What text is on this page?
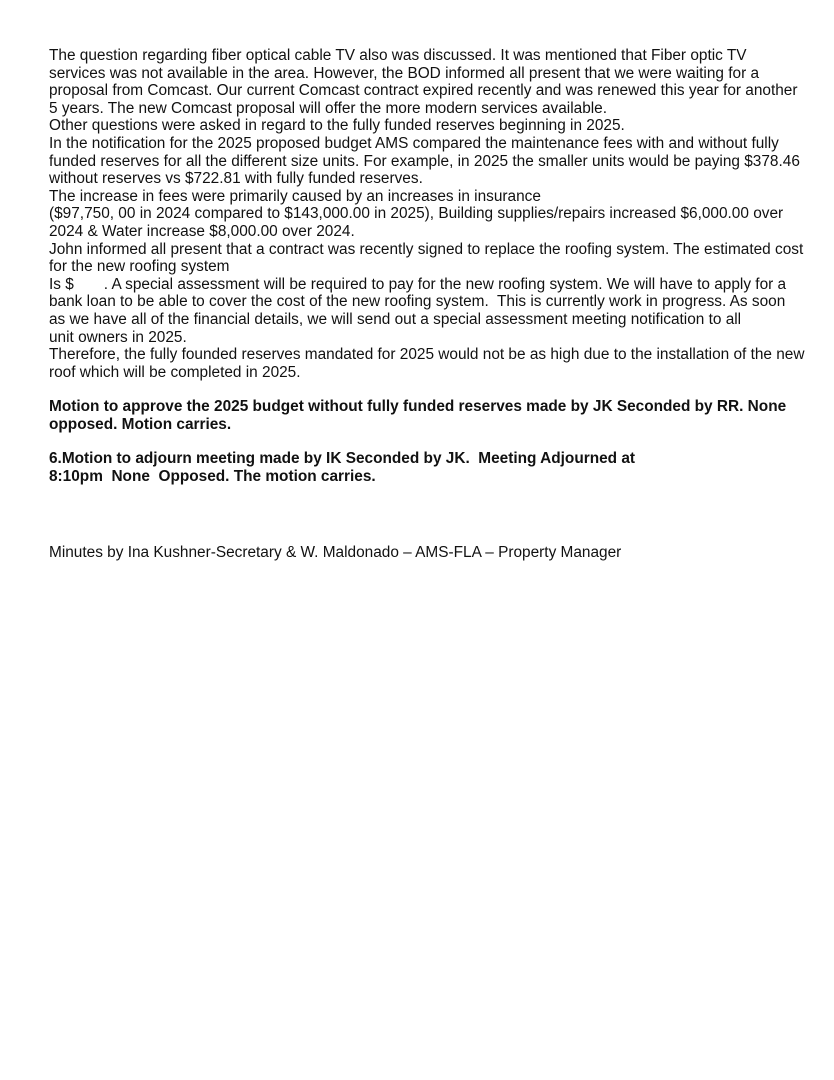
The question regarding fiber optical cable TV also was discussed. It was mentioned that Fiber optic TV
services was not available in the area. However, the BOD informed all present that we were waiting for a
proposal from Comcast. Our current Comcast contract expired recently and was renewed this year for another
5 years. The new Comcast proposal will offer the more modern services available.
Other questions were asked in regard to the fully funded reserves beginning in 2025.
In the notification for the 2025 proposed budget AMS compared the maintenance fees with and without fully
funded reserves for all the different size units. For example, in 2025 the smaller units would be paying $378.46
without reserves vs $722.81 with fully funded reserves.
The increase in fees were primarily caused by an increases in insurance
($97,750, 00 in 2024 compared to $143,000.00 in 2025), Building supplies/repairs increased $6,000.00 over
2024 & Water increase $8,000.00 over 2024.
John informed all present that a contract was recently signed to replace the roofing system. The estimated cost
for the new roofing system
Is $       . A special assessment will be required to pay for the new roofing system. We will have to apply for a
bank loan to be able to cover the cost of the new roofing system.  This is currently work in progress. As soon
as we have all of the financial details, we will send out a special assessment meeting notification to all
unit owners in 2025.
Therefore, the fully founded reserves mandated for 2025 would not be as high due to the installation of the new
roof which will be completed in 2025.
Motion to approve the 2025 budget without fully funded reserves made by JK Seconded by RR. None
opposed. Motion carries.
6.Motion to adjourn meeting made by IK Seconded by JK.  Meeting Adjourned at
8:10pm  None  Opposed. The motion carries.
Minutes by Ina Kushner-Secretary & W. Maldonado – AMS-FLA – Property Manager
